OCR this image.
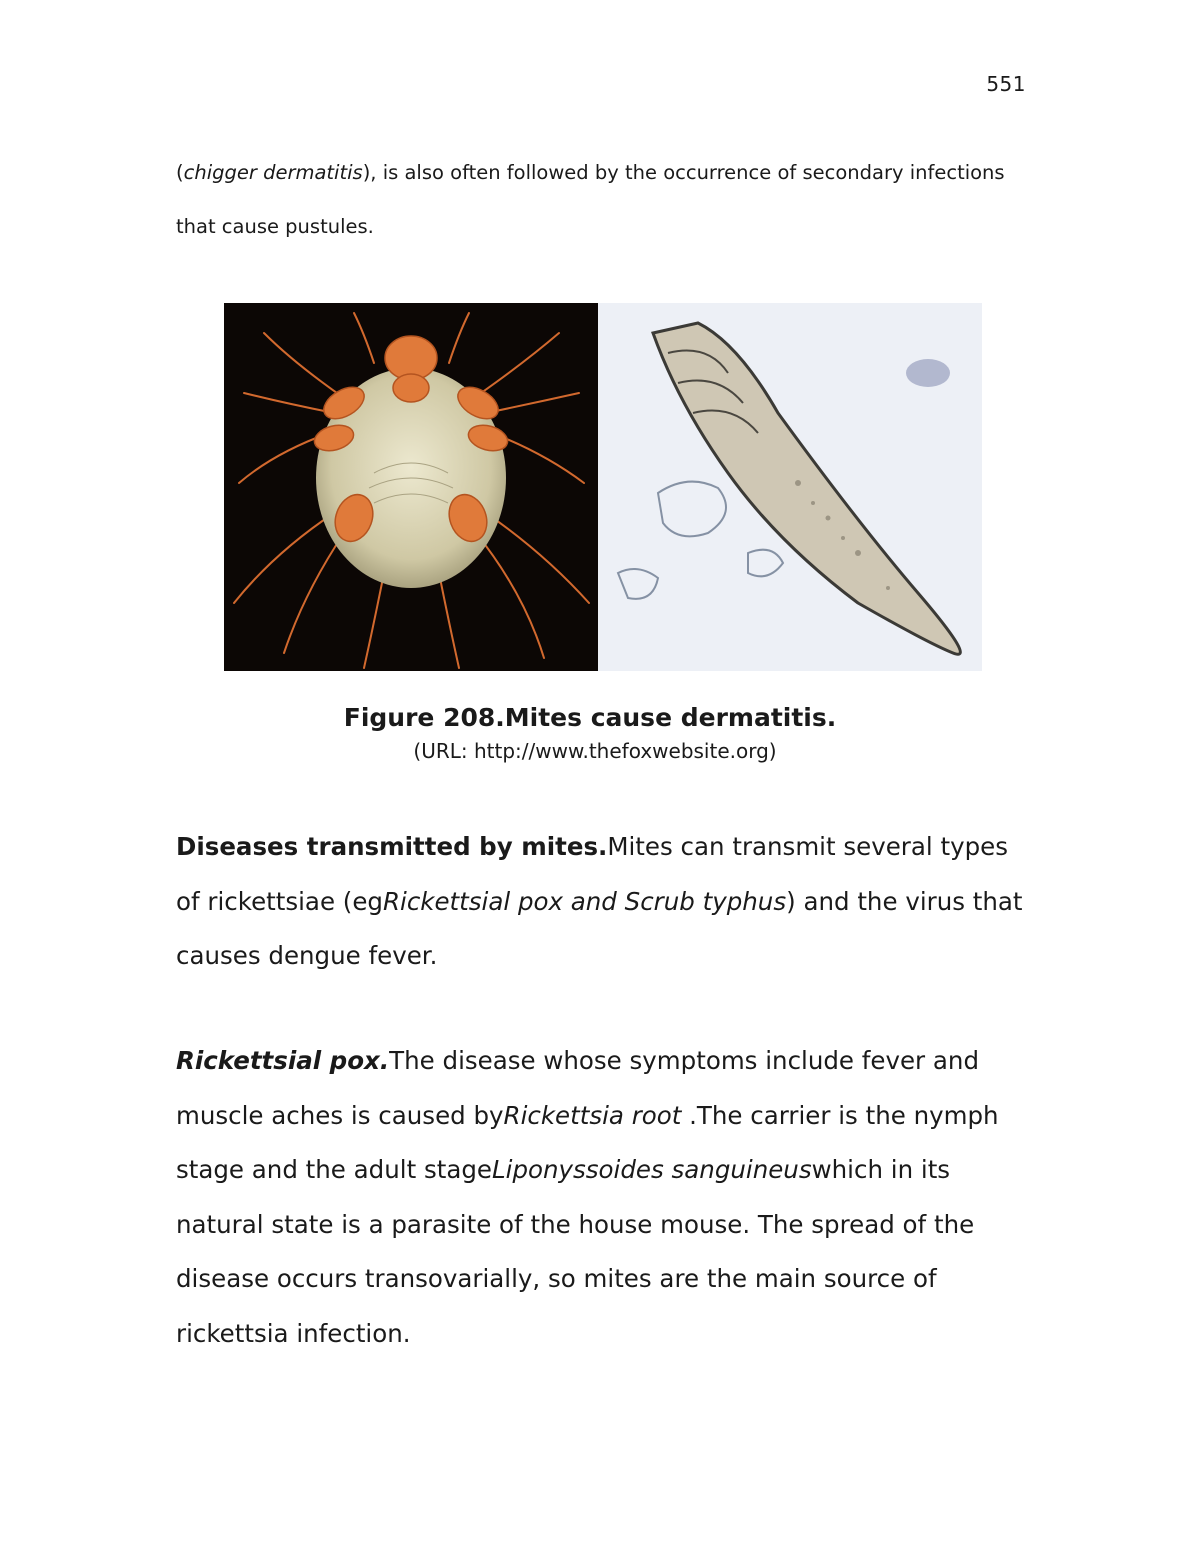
551
(chigger dermatitis), is also often followed by the occurrence of secondary infections that cause pustules.
Figure 208.Mites cause dermatitis.
(URL: http://www.thefoxwebsite.org)
Diseases transmitted by mites.Mites can transmit several types of rickettsiae (egRickettsial pox and Scrub typhus) and the virus that causes dengue fever.
Rickettsial pox.The disease whose symptoms include fever and muscle aches is caused byRickettsia root .The carrier is the nymph stage and the adult stageLiponyssoides sanguineuswhich in its natural state is a parasite of the house mouse. The spread of the disease occurs transovarially, so mites are the main source of rickettsia infection.
